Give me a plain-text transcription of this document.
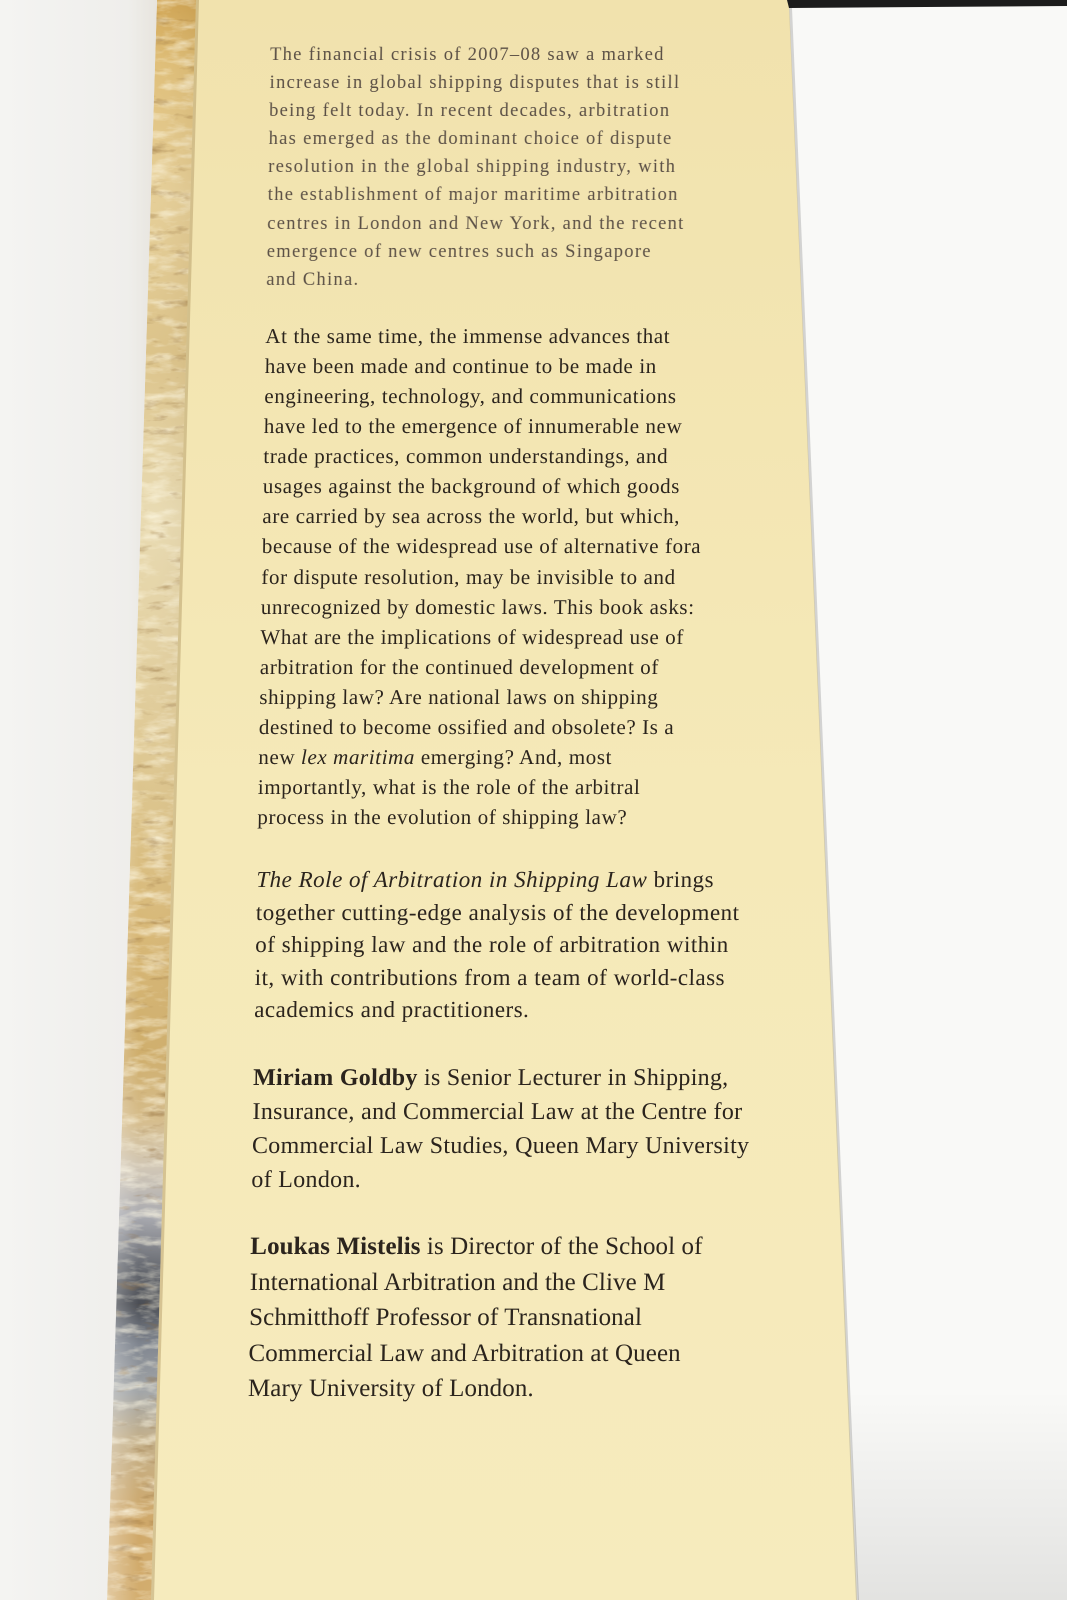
The financial crisis of 2007–08 saw a marked
increase in global shipping disputes that is still
being felt today. In recent decades, arbitration
has emerged as the dominant choice of dispute
resolution in the global shipping industry, with
the establishment of major maritime arbitration
centres in London and New York, and the recent
emergence of new centres such as Singapore
and China.
At the same time, the immense advances that
have been made and continue to be made in
engineering, technology, and communications
have led to the emergence of innumerable new
trade practices, common understandings, and
usages against the background of which goods
are carried by sea across the world, but which,
because of the widespread use of alternative fora
for dispute resolution, may be invisible to and
unrecognized by domestic laws. This book asks:
What are the implications of widespread use of
arbitration for the continued development of
shipping law? Are national laws on shipping
destined to become ossified and obsolete? Is a
new lex maritima emerging? And, most
importantly, what is the role of the arbitral
process in the evolution of shipping law?
The Role of Arbitration in Shipping Law brings
together cutting-edge analysis of the development
of shipping law and the role of arbitration within
it, with contributions from a team of world-class
academics and practitioners.
Miriam Goldby is Senior Lecturer in Shipping,
Insurance, and Commercial Law at the Centre for
Commercial Law Studies, Queen Mary University
of London.
Loukas Mistelis is Director of the School of
International Arbitration and the Clive M
Schmitthoff Professor of Transnational
Commercial Law and Arbitration at Queen
Mary University of London.
